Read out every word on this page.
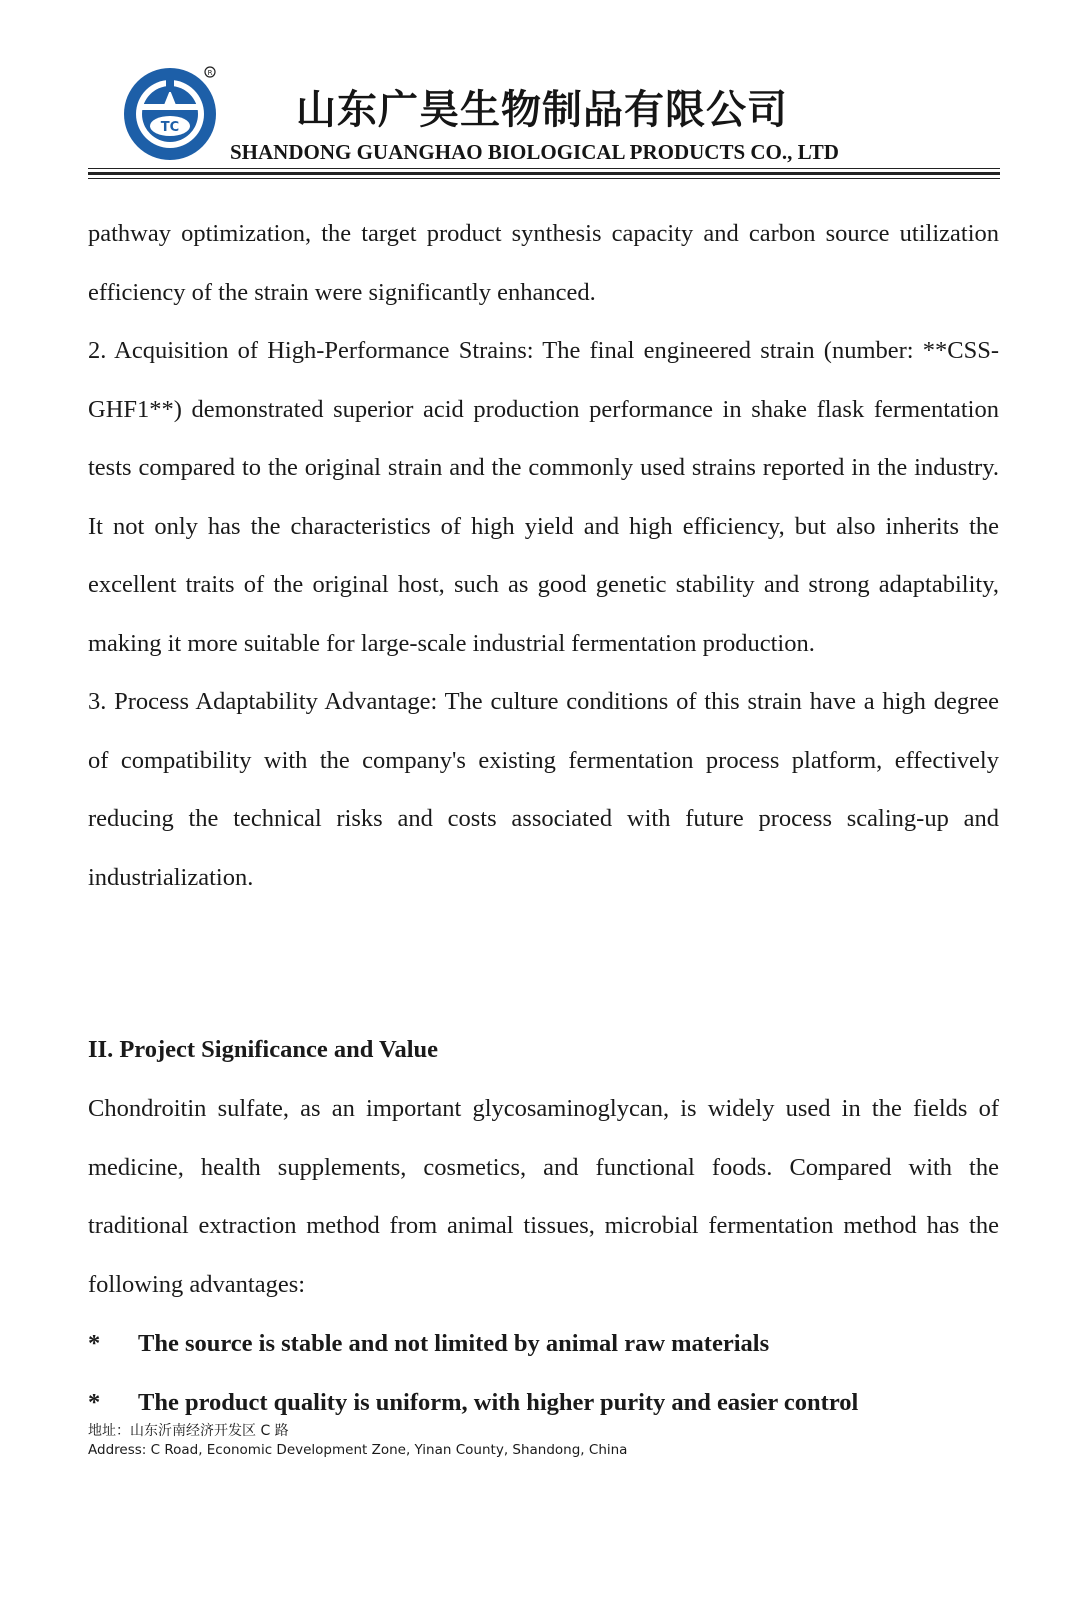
TC
R
山东广昊生物制品有限公司
SHANDONG GUANGHAO BIOLOGICAL PRODUCTS CO., LTD

pathway optimization, the target product synthesis capacity and carbon source utilization efficiency of the strain were significantly enhanced.

2. Acquisition of High-Performance Strains: The final engineered strain (number: **CSS-GHF1**) demonstrated superior acid production performance in shake flask fermentation tests compared to the original strain and the commonly used strains reported in the industry. It not only has the characteristics of high yield and high efficiency, but also inherits the excellent traits of the original host, such as good genetic stability and strong adaptability, making it more suitable for large-scale industrial fermentation production.

3. Process Adaptability Advantage: The culture conditions of this strain have a high degree of compatibility with the company's existing fermentation process platform, effectively reducing the technical risks and costs associated with future process scaling-up and industrialization.

II. Project Significance and Value

Chondroitin sulfate, as an important glycosaminoglycan, is widely used in the fields of medicine, health supplements, cosmetics, and functional foods. Compared with the traditional extraction method from animal tissues, microbial fermentation method has the following advantages:

* The source is stable and not limited by animal raw materials
* The product quality is uniform, with higher purity and easier control
地址：山东沂南经济开发区 C 路
Address: C Road, Economic Development Zone, Yinan County, Shandong, China
